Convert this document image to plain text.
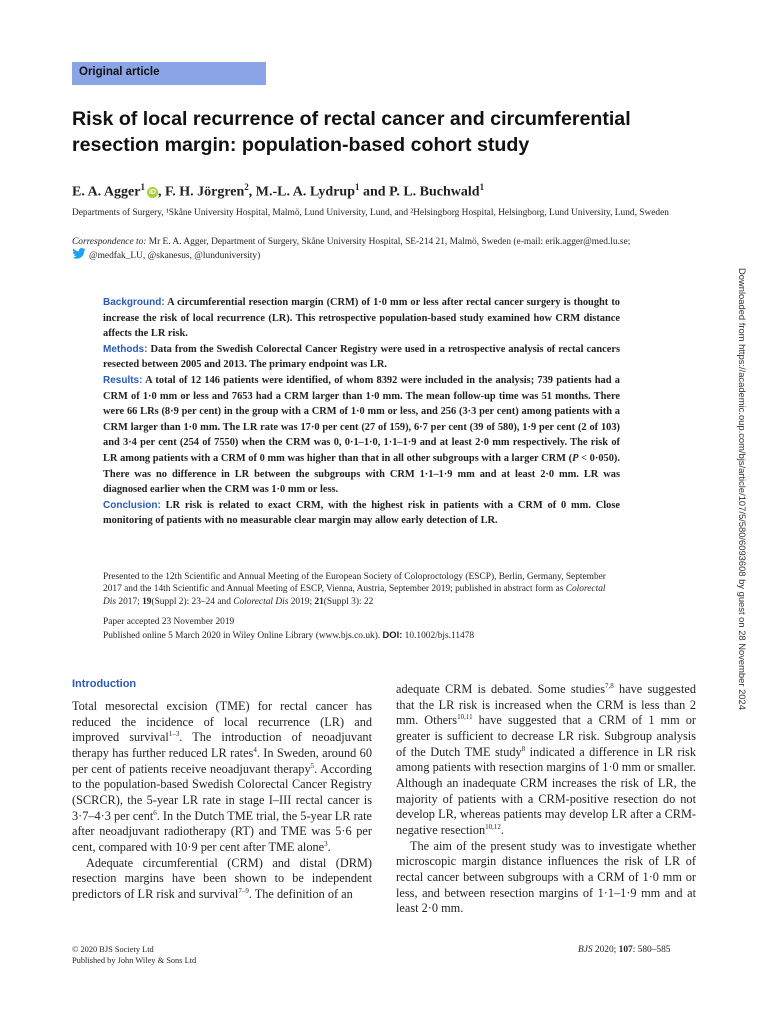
Original article
Risk of local recurrence of rectal cancer and circumferential resection margin: population-based cohort study

E. A. Agger$^1$iD , F. H. Jörgren$^2$, M.-L. A. Lydrup$^1$ and P. L. Buchwald$^1$

Departments of Surgery, ¹Skåne University Hospital, Malmö, Lund University, Lund, and ²Helsingborg Hospital, Helsingborg, Lund University, Lund, Sweden

Correspondence to: Mr E. A. Agger, Department of Surgery, Skåne University Hospital, SE-214 21, Malmö, Sweden (e-mail: erik.agger@med.lu.se;
@medfak_LU, @skanesus, @lunduniversity)

Background: A circumferential resection margin (CRM) of 1·0 mm or less after rectal cancer surgery is thought to increase the risk of local recurrence (LR). This retrospective population-based study examined how CRM distance affects the LR risk.

Methods: Data from the Swedish Colorectal Cancer Registry were used in a retrospective analysis of rectal cancers resected between 2005 and 2013. The primary endpoint was LR.

Results: A total of 12 146 patients were identified, of whom 8392 were included in the analysis; 739 patients had a CRM of 1·0 mm or less and 7653 had a CRM larger than 1·0 mm. The mean follow-up time was 51 months. There were 66 LRs (8·9 per cent) in the group with a CRM of 1·0 mm or less, and 256 (3·3 per cent) among patients with a CRM larger than 1·0 mm. The LR rate was 17·0 per cent (27 of 159), 6·7 per cent (39 of 580), 1·9 per cent (2 of 103) and 3·4 per cent (254 of 7550) when the CRM was 0, 0·1–1·0, 1·1–1·9 and at least 2·0 mm respectively. The risk of LR among patients with a CRM of 0 mm was higher than that in all other subgroups with a larger CRM (P < 0·050). There was no difference in LR between the subgroups with CRM 1·1–1·9 mm and at least 2·0 mm. LR was diagnosed earlier when the CRM was 1·0 mm or less.

Conclusion: LR risk is related to exact CRM, with the highest risk in patients with a CRM of 0 mm. Close monitoring of patients with no measurable clear margin may allow early detection of LR.

Presented to the 12th Scientific and Annual Meeting of the European Society of Coloproctology (ESCP), Berlin, Germany, September 2017 and the 14th Scientific and Annual Meeting of ESCP, Vienna, Austria, September 2019; published in abstract form as Colorectal Dis 2017; 19(Suppl 2): 23–24 and Colorectal Dis 2019; 21(Suppl 3): 22

Paper accepted 23 November 2019
Published online 5 March 2020 in Wiley Online Library (www.bjs.co.uk). DOI: 10.1002/bjs.11478

Introduction

Total mesorectal excision (TME) for rectal cancer has reduced the incidence of local recurrence (LR) and improved survival$^{1-3}$. The introduction of neoadjuvant therapy has further reduced LR rates$^4$. In Sweden, around 60 per cent of patients receive neoadjuvant therapy$^5$. According to the population-based Swedish Colorectal Cancer Registry (SCRCR), the 5-year LR rate in stage I–III rectal cancer is 3·7–4·3 per cent$^6$. In the Dutch TME trial, the 5-year LR rate after neoadjuvant radiotherapy (RT) and TME was 5·6 per cent, compared with 10·9 per cent after TME alone$^3$.

Adequate circumferential (CRM) and distal (DRM) resection margins have been shown to be independent predictors of LR risk and survival$^{7-9}$. The definition of an

adequate CRM is debated. Some studies$^{7,8}$ have suggested that the LR risk is increased when the CRM is less than 2 mm. Others$^{10,11}$ have suggested that a CRM of 1 mm or greater is sufficient to decrease LR risk. Subgroup analysis of the Dutch TME study$^8$ indicated a difference in LR risk among patients with resection margins of 1·0 mm or smaller. Although an inadequate CRM increases the risk of LR, the majority of patients with a CRM-positive resection do not develop LR, whereas patients may develop LR after a CRM-negative resection$^{10,12}$.

The aim of the present study was to investigate whether microscopic margin distance influences the risk of LR of rectal cancer between subgroups with a CRM of 1·0 mm or less, and between resection margins of 1·1–1·9 mm and at least 2·0 mm.

© 2020 BJS Society Ltd
Published by John Wiley & Sons Ltd

BJS 2020; 107: 580–585

Downloaded from https://academic.oup.com/bjs/article/107/5/580/6093608 by guest on 28 November 2024
